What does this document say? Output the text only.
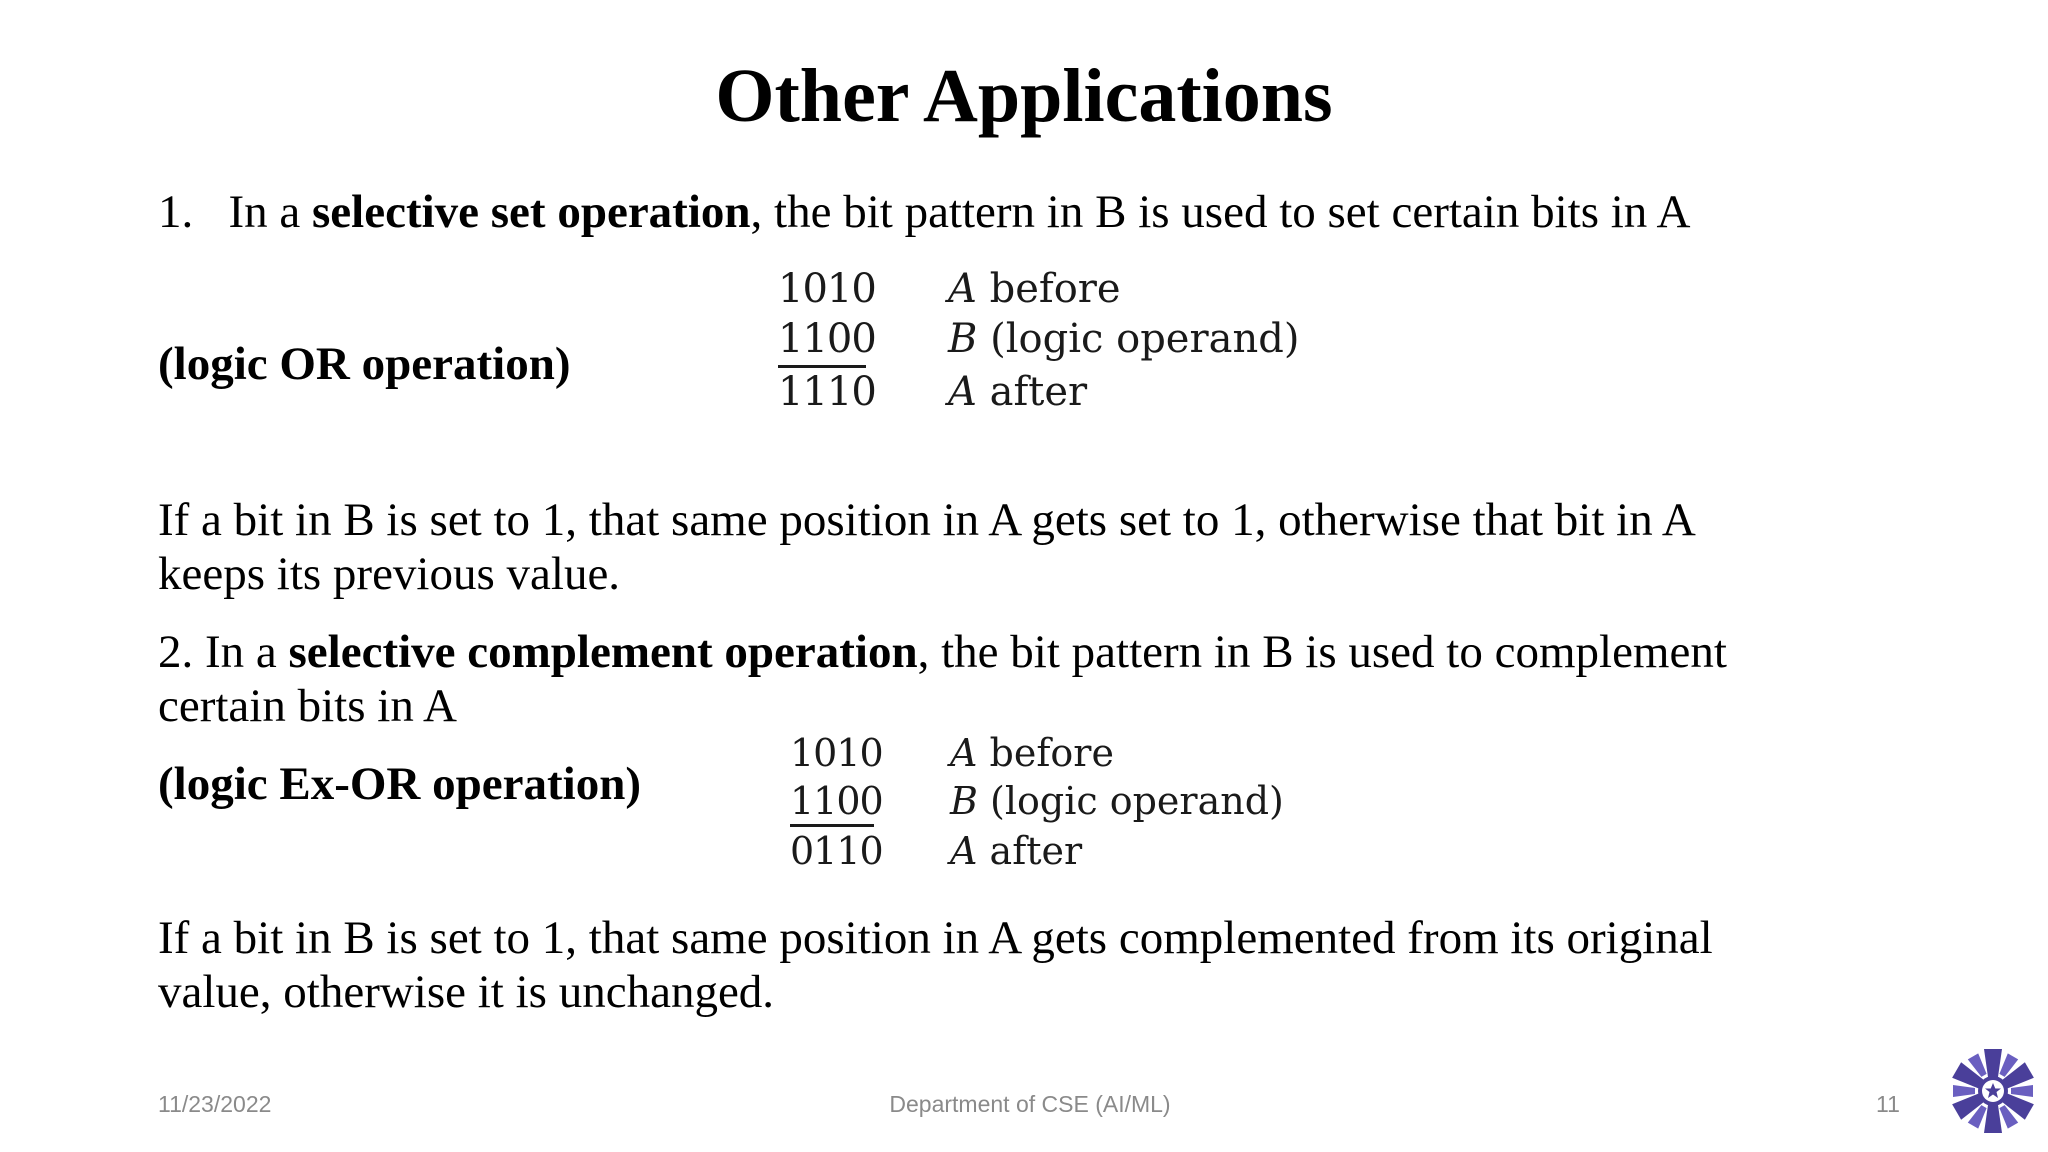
Other Applications
1.   In a selective set operation, the bit pattern in B is used to set certain bits in A
(logic OR operation)
1010 A before
1100 B (logic operand)
1110 A after
If a bit in B is set to 1, that same position in A gets set to 1, otherwise that bit in A
keeps its previous value.
2. In a selective complement operation, the bit pattern in B is used to complement
certain bits in A
(logic Ex-OR operation)
1010 A before
1100 B (logic operand)
0110 A after
If a bit in B is set to 1, that same position in A gets complemented from its original
value, otherwise it is unchanged.
11/23/2022	Department of CSE (AI/ML)	11
